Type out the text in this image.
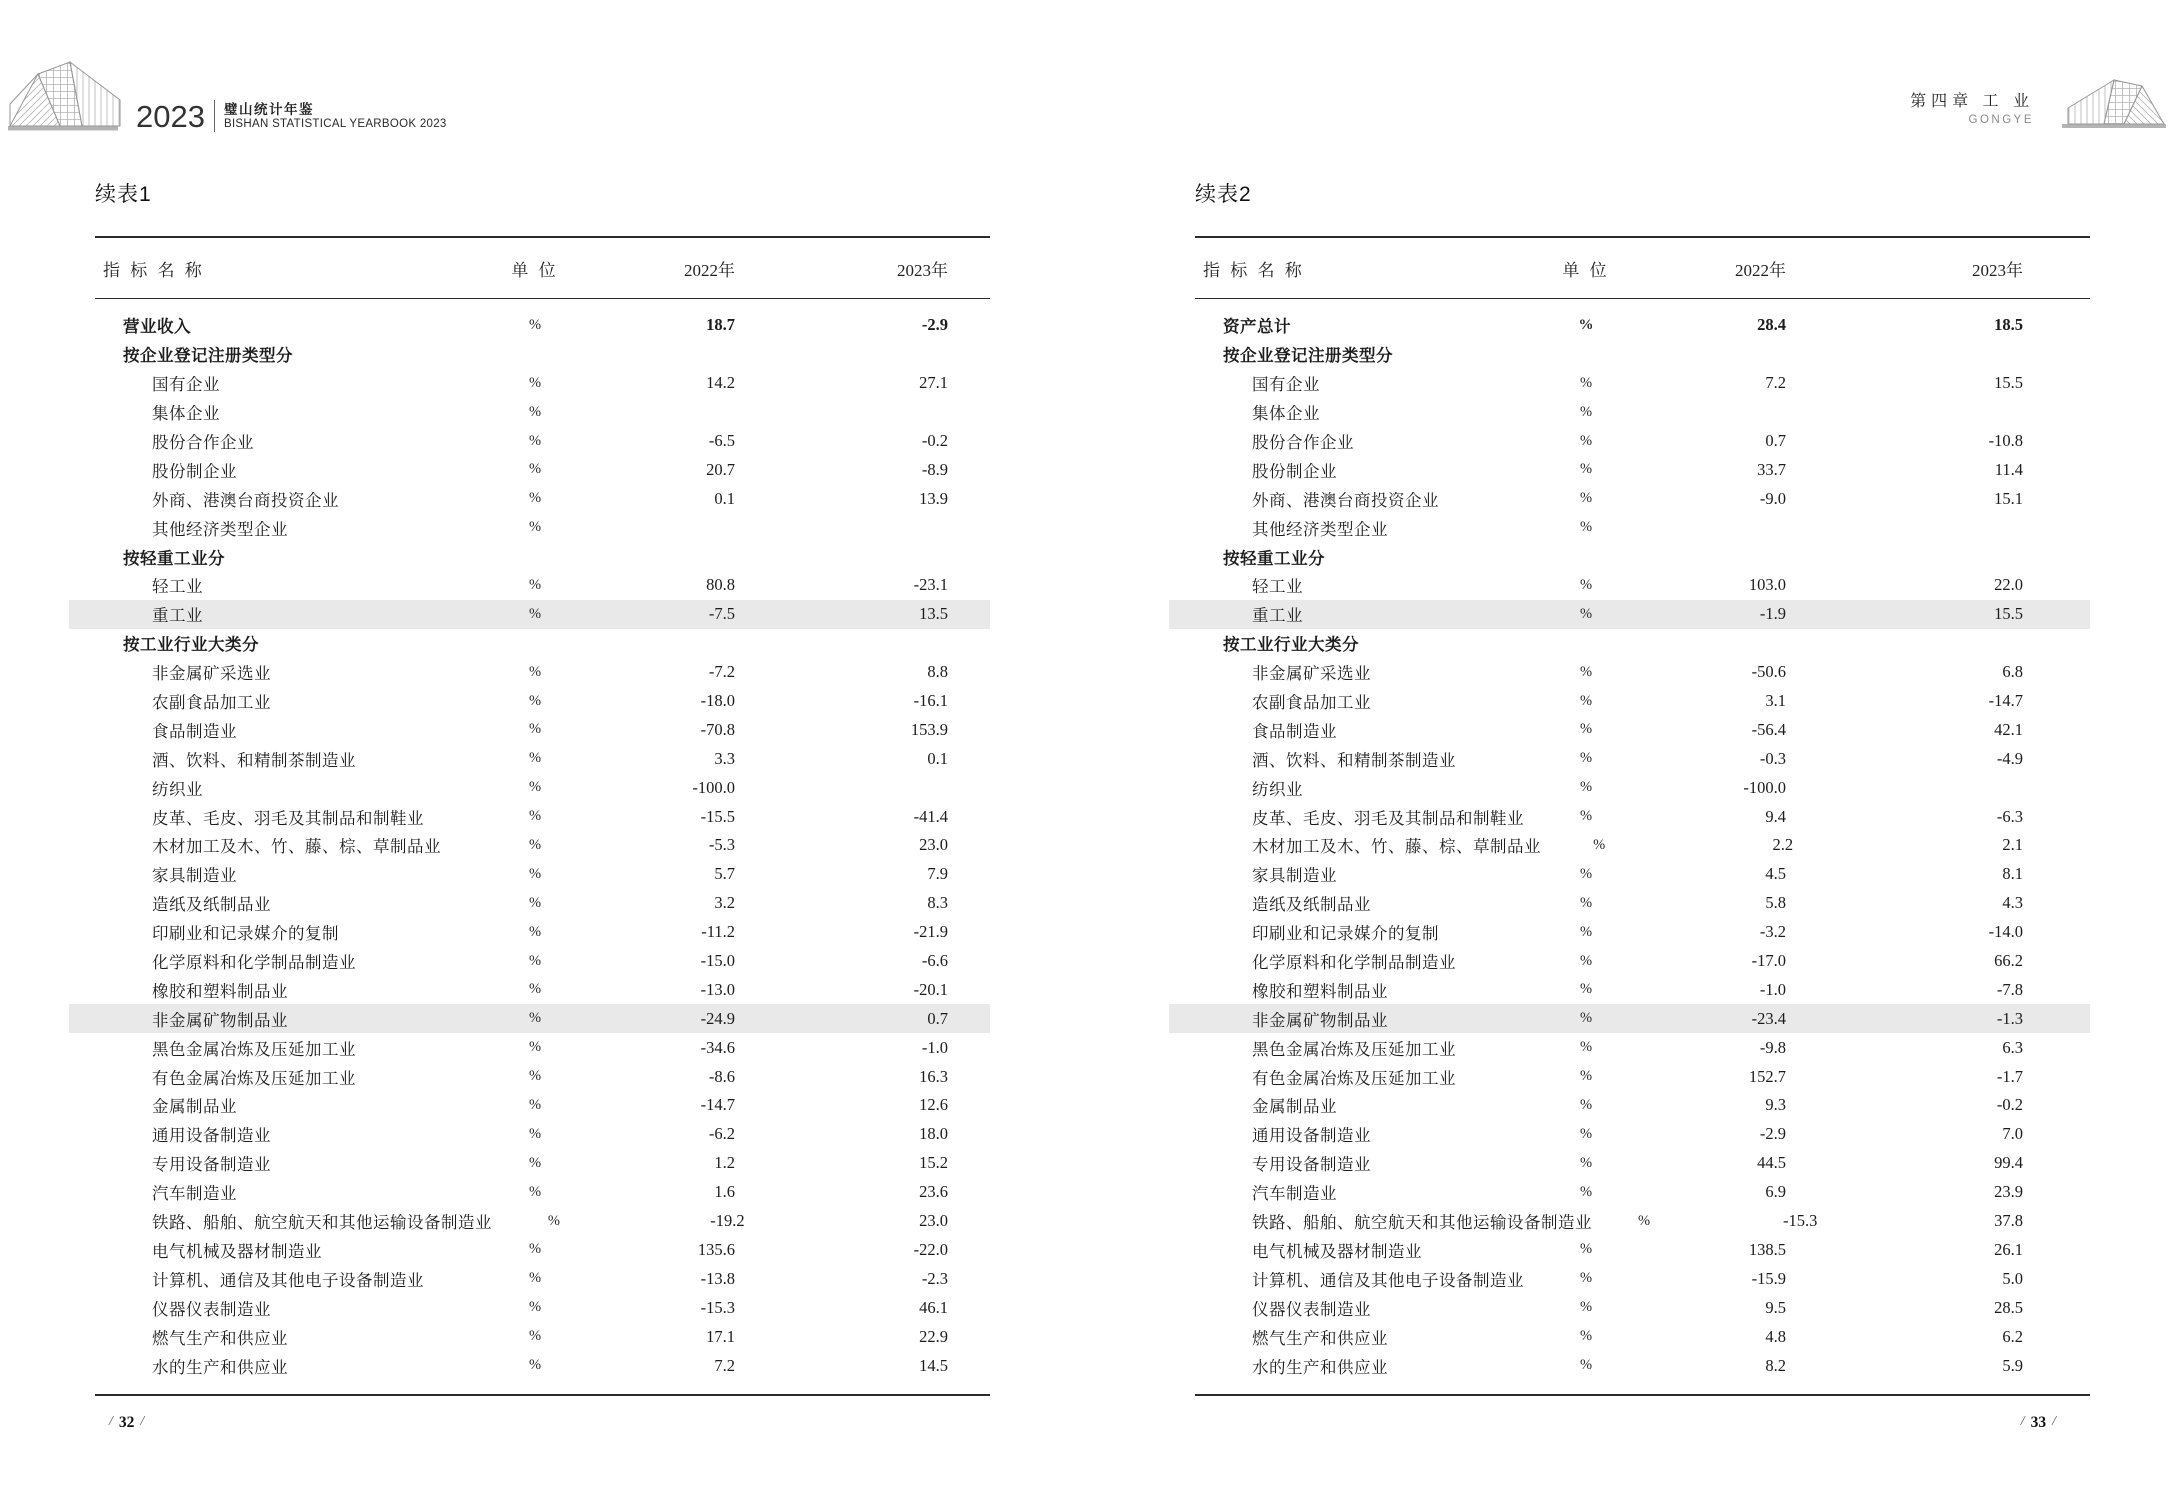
2023 璧山统计年鉴
BISHAN STATISTICAL YEARBOOK 2023
第四章 工 业
GONGYE
续表1
指 标 名 称	单 位	2022年	2023年
营业收入	%	18.7	-2.9
按企业登记注册类型分
国有企业	%	14.2	27.1
集体企业	%
股份合作企业	%	-6.5	-0.2
股份制企业	%	20.7	-8.9
外商、港澳台商投资企业	%	0.1	13.9
其他经济类型企业	%
按轻重工业分
轻工业	%	80.8	-23.1
重工业	%	-7.5	13.5
按工业行业大类分
非金属矿采选业	%	-7.2	8.8
农副食品加工业	%	-18.0	-16.1
食品制造业	%	-70.8	153.9
酒、饮料、和精制茶制造业	%	3.3	0.1
纺织业	%	-100.0
皮革、毛皮、羽毛及其制品和制鞋业	%	-15.5	-41.4
木材加工及木、竹、藤、棕、草制品业	%	-5.3	23.0
家具制造业	%	5.7	7.9
造纸及纸制品业	%	3.2	8.3
印刷业和记录媒介的复制	%	-11.2	-21.9
化学原料和化学制品制造业	%	-15.0	-6.6
橡胶和塑料制品业	%	-13.0	-20.1
非金属矿物制品业	%	-24.9	0.7
黑色金属冶炼及压延加工业	%	-34.6	-1.0
有色金属冶炼及压延加工业	%	-8.6	16.3
金属制品业	%	-14.7	12.6
通用设备制造业	%	-6.2	18.0
专用设备制造业	%	1.2	15.2
汽车制造业	%	1.6	23.6
铁路、船舶、航空航天和其他运输设备制造业	%	-19.2	23.0
电气机械及器材制造业	%	135.6	-22.0
计算机、通信及其他电子设备制造业	%	-13.8	-2.3
仪器仪表制造业	%	-15.3	46.1
燃气生产和供应业	%	17.1	22.9
水的生产和供应业	%	7.2	14.5
/ 32 /
续表2
指 标 名 称	单 位	2022年	2023年
资产总计	%	28.4	18.5
按企业登记注册类型分
国有企业	%	7.2	15.5
集体企业	%
股份合作企业	%	0.7	-10.8
股份制企业	%	33.7	11.4
外商、港澳台商投资企业	%	-9.0	15.1
其他经济类型企业	%
按轻重工业分
轻工业	%	103.0	22.0
重工业	%	-1.9	15.5
按工业行业大类分
非金属矿采选业	%	-50.6	6.8
农副食品加工业	%	3.1	-14.7
食品制造业	%	-56.4	42.1
酒、饮料、和精制茶制造业	%	-0.3	-4.9
纺织业	%	-100.0
皮革、毛皮、羽毛及其制品和制鞋业	%	9.4	-6.3
木材加工及木、竹、藤、棕、草制品业	%	2.2	2.1
家具制造业	%	4.5	8.1
造纸及纸制品业	%	5.8	4.3
印刷业和记录媒介的复制	%	-3.2	-14.0
化学原料和化学制品制造业	%	-17.0	66.2
橡胶和塑料制品业	%	-1.0	-7.8
非金属矿物制品业	%	-23.4	-1.3
黑色金属冶炼及压延加工业	%	-9.8	6.3
有色金属冶炼及压延加工业	%	152.7	-1.7
金属制品业	%	9.3	-0.2
通用设备制造业	%	-2.9	7.0
专用设备制造业	%	44.5	99.4
汽车制造业	%	6.9	23.9
铁路、船舶、航空航天和其他运输设备制造业	%	-15.3	37.8
电气机械及器材制造业	%	138.5	26.1
计算机、通信及其他电子设备制造业	%	-15.9	5.0
仪器仪表制造业	%	9.5	28.5
燃气生产和供应业	%	4.8	6.2
水的生产和供应业	%	8.2	5.9
/ 33 /
